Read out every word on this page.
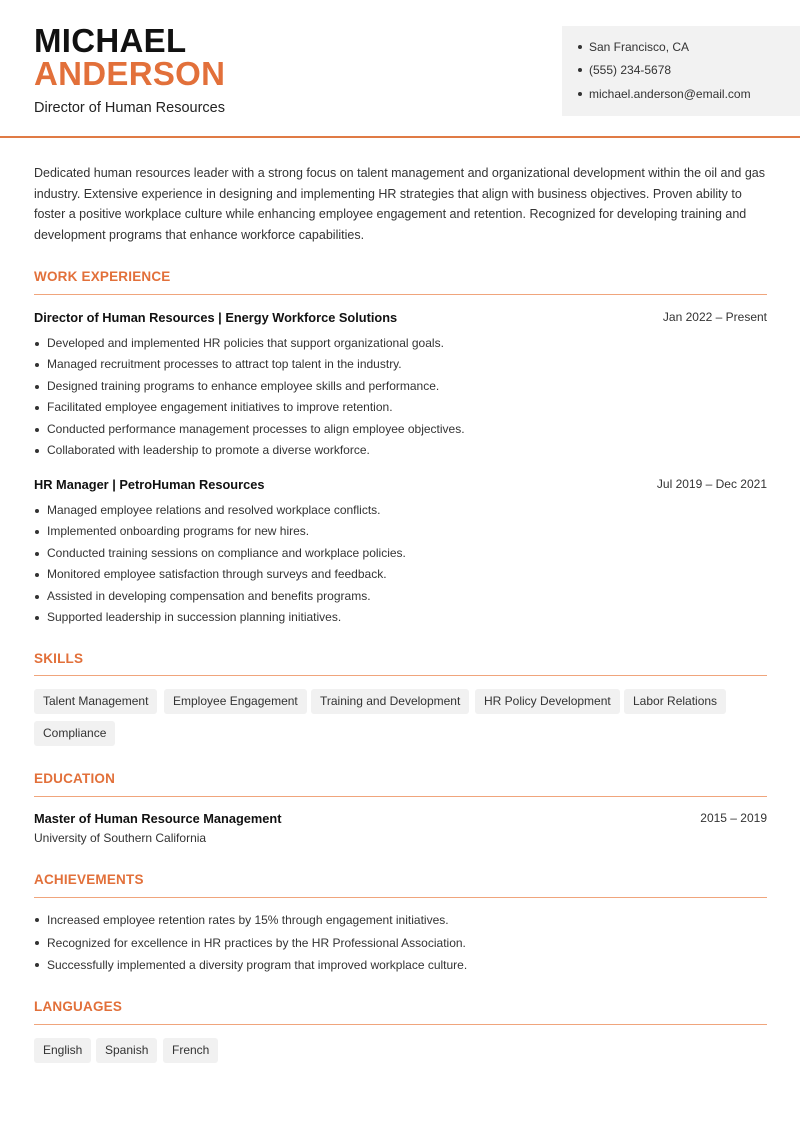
MICHAEL
ANDERSON
Director of Human Resources
San Francisco, CA
(555) 234-5678
michael.anderson@email.com

Dedicated human resources leader with a strong focus on talent management and organizational development within the oil and gas industry. Extensive experience in designing and implementing HR strategies that align with business objectives. Proven ability to foster a positive workplace culture while enhancing employee engagement and retention. Recognized for developing training and development programs that enhance workforce capabilities.

WORK EXPERIENCE
Director of Human Resources | Energy Workforce Solutions	Jan 2022 – Present
Developed and implemented HR policies that support organizational goals.
Managed recruitment processes to attract top talent in the industry.
Designed training programs to enhance employee skills and performance.
Facilitated employee engagement initiatives to improve retention.
Conducted performance management processes to align employee objectives.
Collaborated with leadership to promote a diverse workforce.
HR Manager | PetroHuman Resources	Jul 2019 – Dec 2021
Managed employee relations and resolved workplace conflicts.
Implemented onboarding programs for new hires.
Conducted training sessions on compliance and workplace policies.
Monitored employee satisfaction through surveys and feedback.
Assisted in developing compensation and benefits programs.
Supported leadership in succession planning initiatives.
SKILLS
Talent Management	Employee Engagement	Training and Development	HR Policy Development	Labor Relations
Compliance
EDUCATION
Master of Human Resource Management	2015 – 2019
University of Southern California
ACHIEVEMENTS
Increased employee retention rates by 15% through engagement initiatives.
Recognized for excellence in HR practices by the HR Professional Association.
Successfully implemented a diversity program that improved workplace culture.
LANGUAGES
English	Spanish	French
